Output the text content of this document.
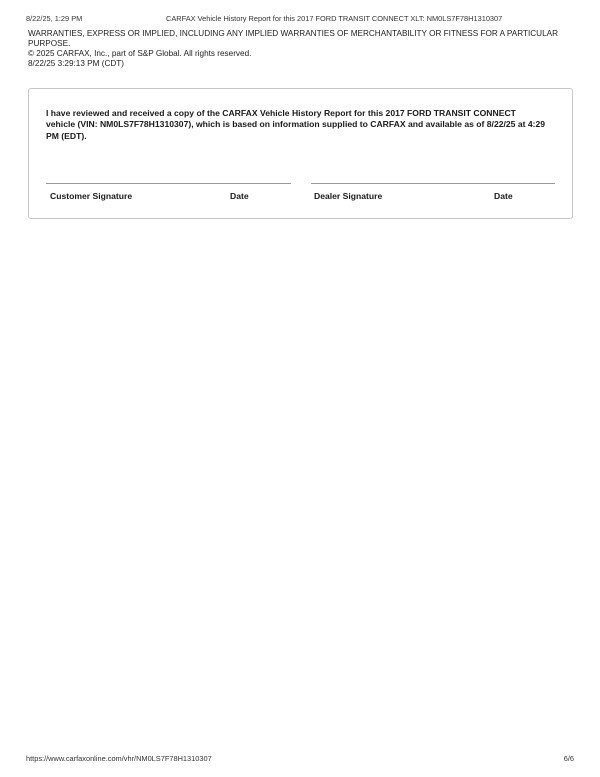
8/22/25, 1:29 PM	CARFAX Vehicle History Report for this 2017 FORD TRANSIT CONNECT XLT: NM0LS7F78H1310307
WARRANTIES, EXPRESS OR IMPLIED, INCLUDING ANY IMPLIED WARRANTIES OF MERCHANTABILITY OR FITNESS FOR A PARTICULAR
PURPOSE.
© 2025 CARFAX, Inc., part of S&P Global. All rights reserved.
8/22/25 3:29:13 PM (CDT)
I have reviewed and received a copy of the CARFAX Vehicle History Report for this 2017 FORD TRANSIT CONNECT vehicle (VIN: NM0LS7F78H1310307), which is based on information supplied to CARFAX and available as of 8/22/25 at 4:29 PM (EDT).
Customer Signature	Date	Dealer Signature	Date
https://www.carfaxonline.com/vhr/NM0LS7F78H1310307	6/6
